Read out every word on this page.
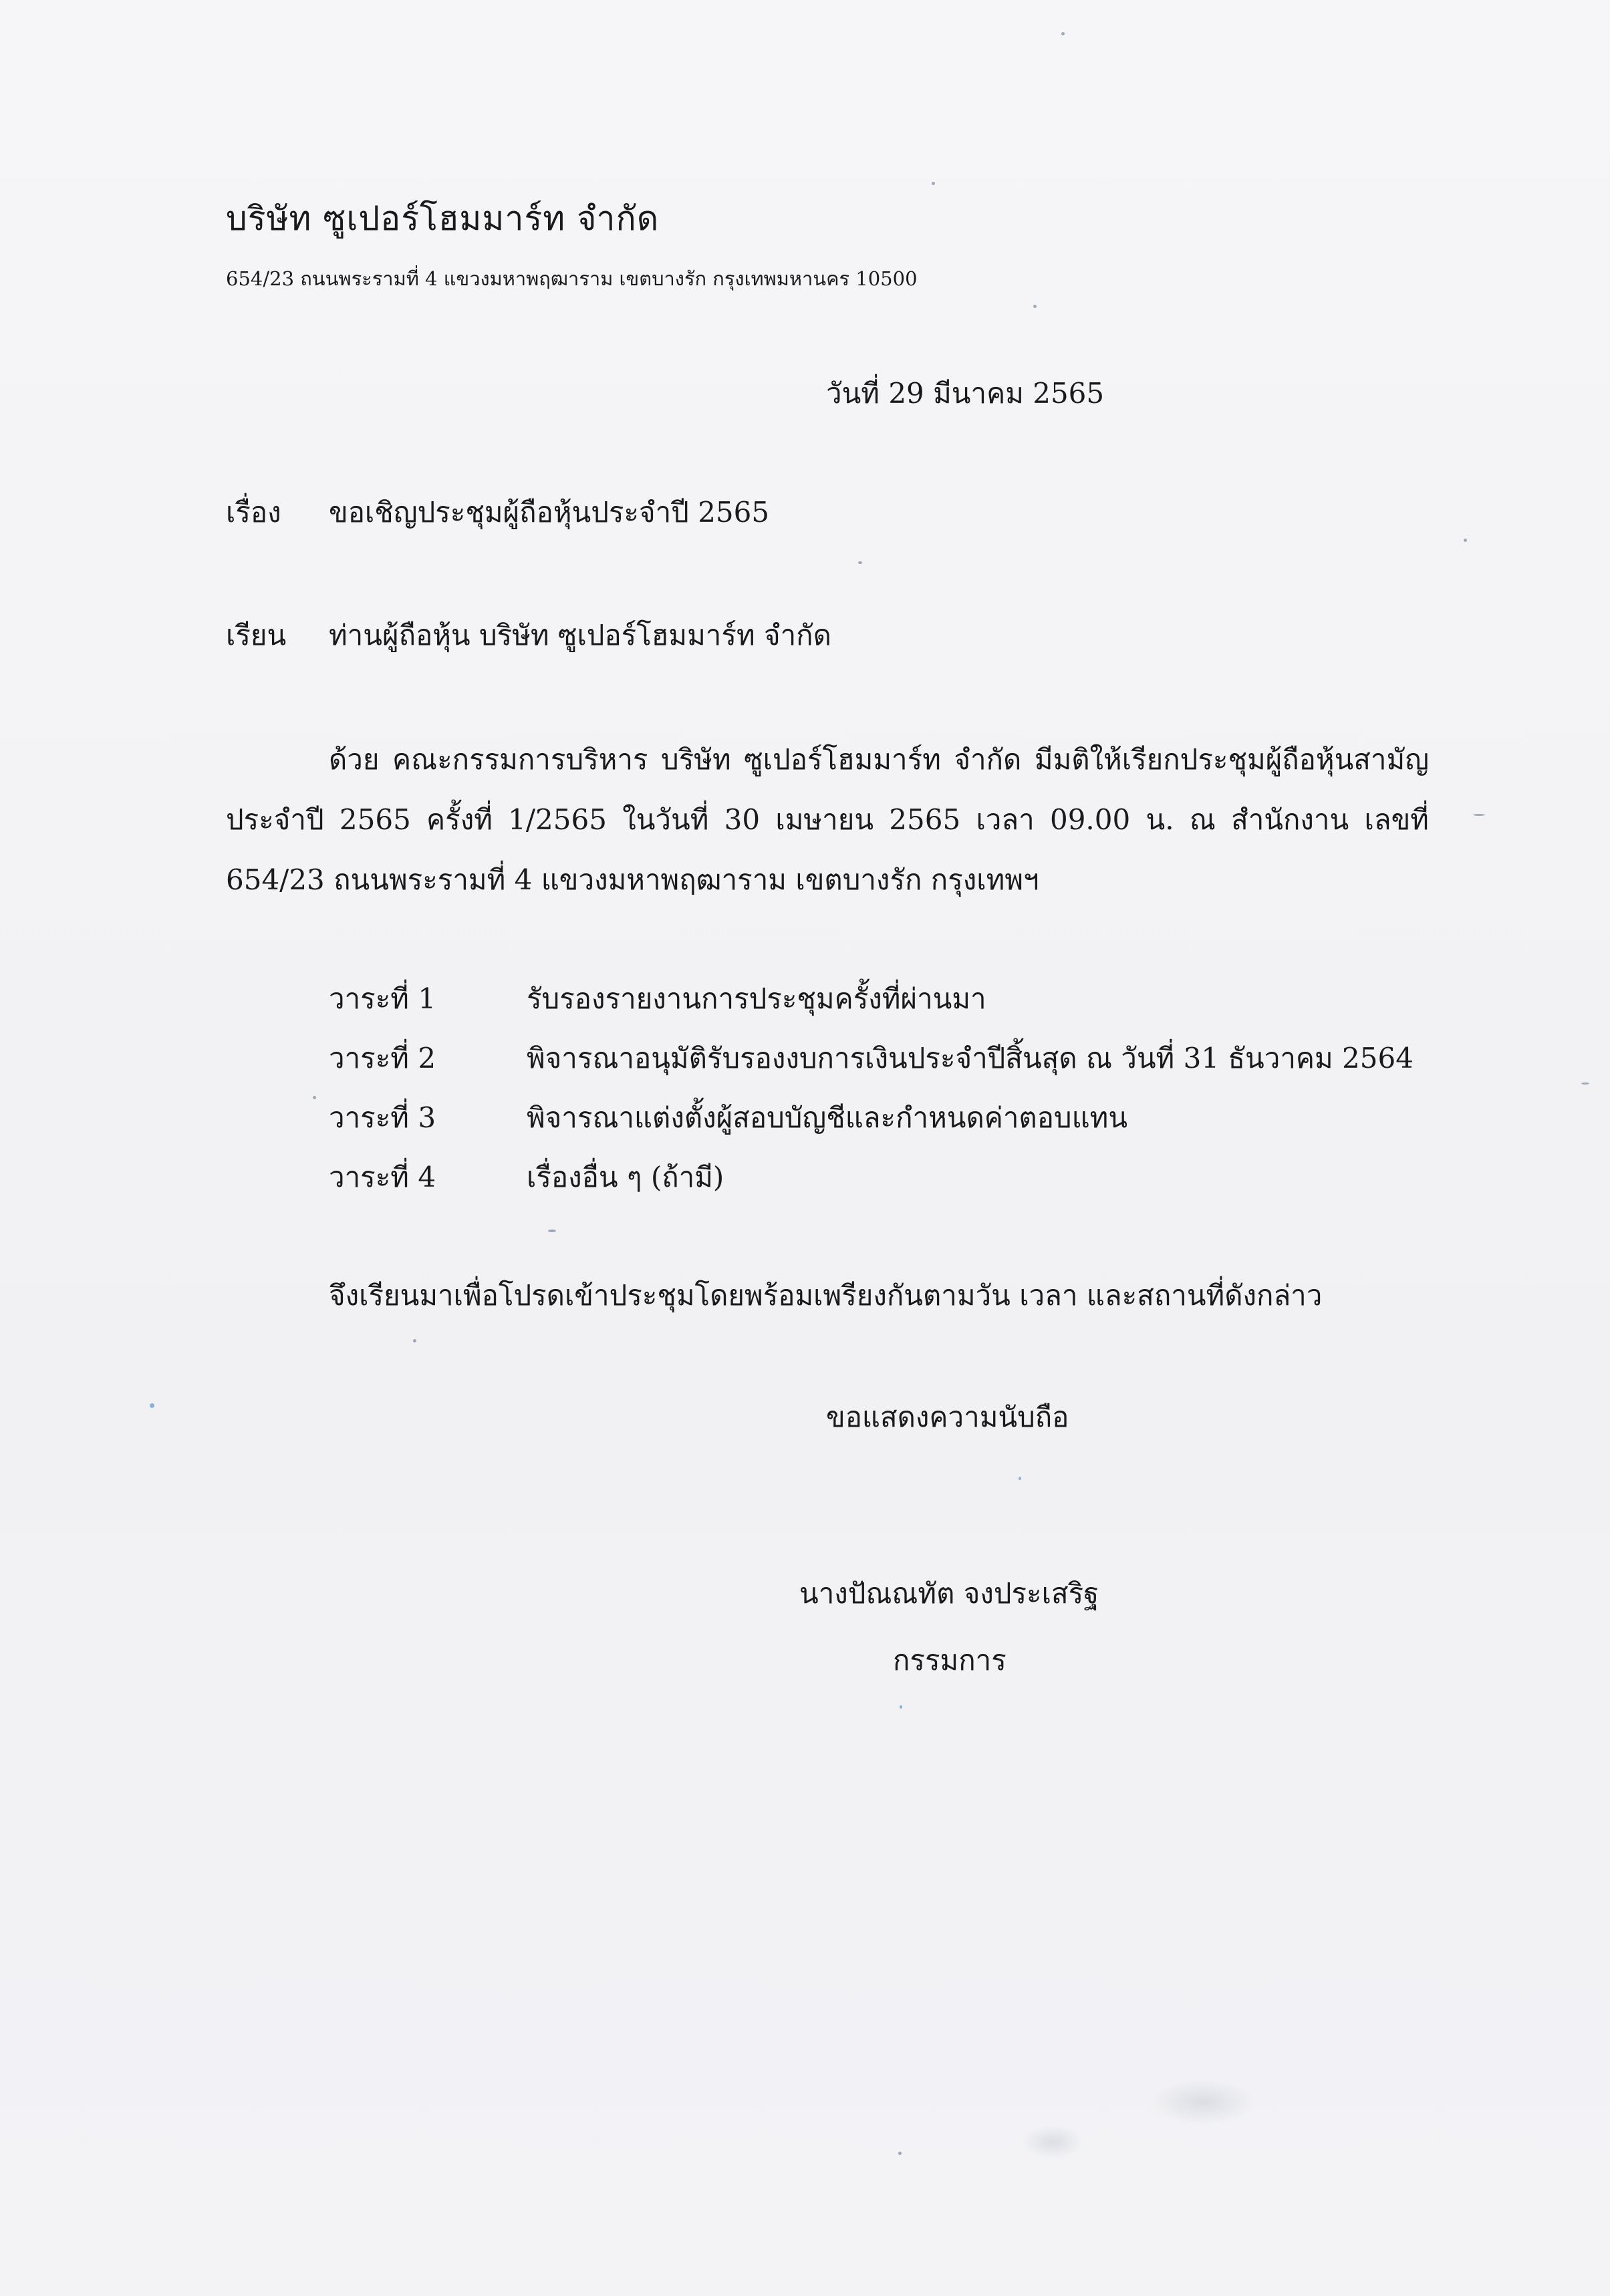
บริษัท ซูเปอร์โฮมมาร์ท จำกัด
654/23 ถนนพระรามที่ 4 แขวงมหาพฤฒาราม เขตบางรัก กรุงเทพมหานคร 10500
วันที่ 29 มีนาคม 2565
เรื่อง ขอเชิญประชุมผู้ถือหุ้นประจำปี 2565
เรียน ท่านผู้ถือหุ้น บริษัท ซูเปอร์โฮมมาร์ท จำกัด
ด้วย คณะกรรมการบริหาร บริษัท ซูเปอร์โฮมมาร์ท จำกัด มีมติให้เรียกประชุมผู้ถือหุ้นสามัญประจำปี 2565 ครั้งที่ 1/2565 ในวันที่ 30 เมษายน 2565 เวลา 09.00 น. ณ สำนักงาน เลขที่ 654/23 ถนนพระรามที่ 4 แขวงมหาพฤฒาราม เขตบางรัก กรุงเทพฯ
วาระที่ 1	รับรองรายงานการประชุมครั้งที่ผ่านมา
วาระที่ 2	พิจารณาอนุมัติรับรองงบการเงินประจำปีสิ้นสุด ณ วันที่ 31 ธันวาคม 2564
วาระที่ 3	พิจารณาแต่งตั้งผู้สอบบัญชีและกำหนดค่าตอบแทน
วาระที่ 4	เรื่องอื่น ๆ (ถ้ามี)
จึงเรียนมาเพื่อโปรดเข้าประชุมโดยพร้อมเพรียงกันตามวัน เวลา และสถานที่ดังกล่าว
ขอแสดงความนับถือ
นางปัณณทัต จงประเสริฐ
กรรมการ
